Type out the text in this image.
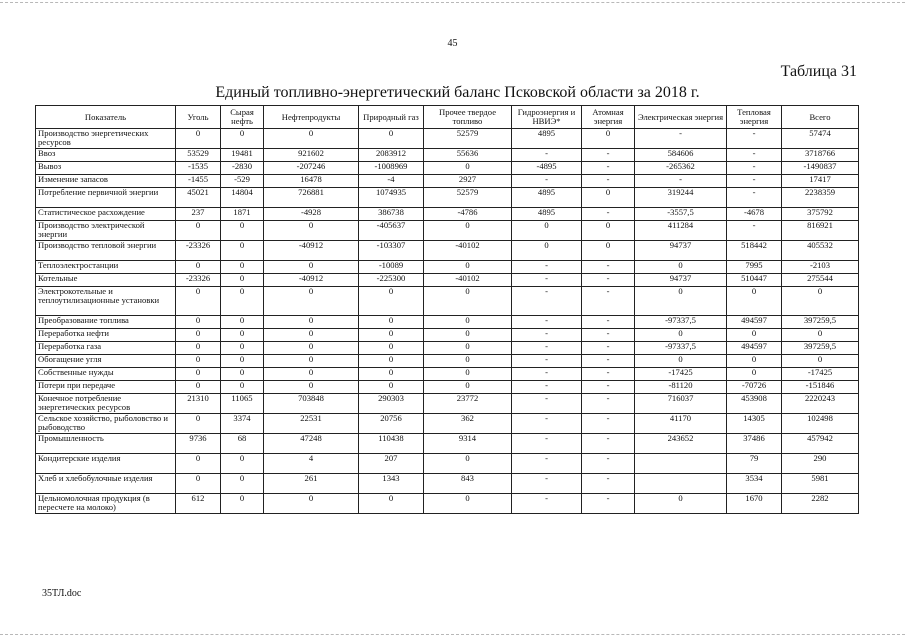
45
Таблица 31
Единый топливно-энергетический баланс Псковской области за 2018 г.
Показатель	Уголь	Сырая нефть	Нефтепродукты	Природный газ	Прочее твердое топливо	Гидроэнергия и НВИЭ*	Атомная энергия	Электрическая энергия	Тепловая энергия	Всего
Производство энергетических ресурсов	0	0	0	0	52579	4895	0	-	-	57474
Ввоз	53529	19481	921602	2083912	55636	-	-	584606	-	3718766
Вывоз	-1535	-2830	-207246	-1008969	0	-4895	-	-265362	-	-1490837
Изменение запасов	-1455	-529	16478	-4	2927	-	-	-	-	17417
Потребление первичной энергии	45021	14804	726881	1074935	52579	4895	0	319244	-	2238359
Статистическое расхождение	237	1871	-4928	386738	-4786	4895	-	-3557,5	-4678	375792
Производство электрической энергии	0	0	0	-405637	0	0	0	411284	-	816921
Производство тепловой энергии	-23326	0	-40912	-103307	-40102	0	0	94737	518442	405532
Теплоэлектростанции	0	0	0	-10089	0	-	-	0	7995	-2103
Котельные	-23326	0	-40912	-225300	-40102	-	-	94737	510447	275544
Электрокотельные и теплоутилизационные установки	0	0	0	0	0	-	-	0	0	0
Преобразование топлива	0	0	0	0	0	-	-	-97337,5	494597	397259,5
Переработка нефти	0	0	0	0	0	-	-	0	0	0
Переработка газа	0	0	0	0	0	-	-	-97337,5	494597	397259,5
Обогащение угля	0	0	0	0	0	-	-	0	0	0
Собственные нужды	0	0	0	0	0	-	-	-17425	0	-17425
Потери при передаче	0	0	0	0	0	-	-	-81120	-70726	-151846
Конечное потребление энергетических ресурсов	21310	11065	703848	290303	23772	-	-	716037	453908	2220243
Сельское хозяйство, рыболовство и рыбоводство	0	3374	22531	20756	362	-	-	41170	14305	102498
Промышленность	9736	68	47248	110438	9314	-	-	243652	37486	457942
Кондитерские изделия	0	0	4	207	0	-	-		79	290
Хлеб и хлебобулочные изделия	0	0	261	1343	843	-	-		3534	5981
Цельномолочная продукция (в пересчете на молоко)	612	0	0	0	0	-	-	0	1670	2282
35ТЛ.doc
